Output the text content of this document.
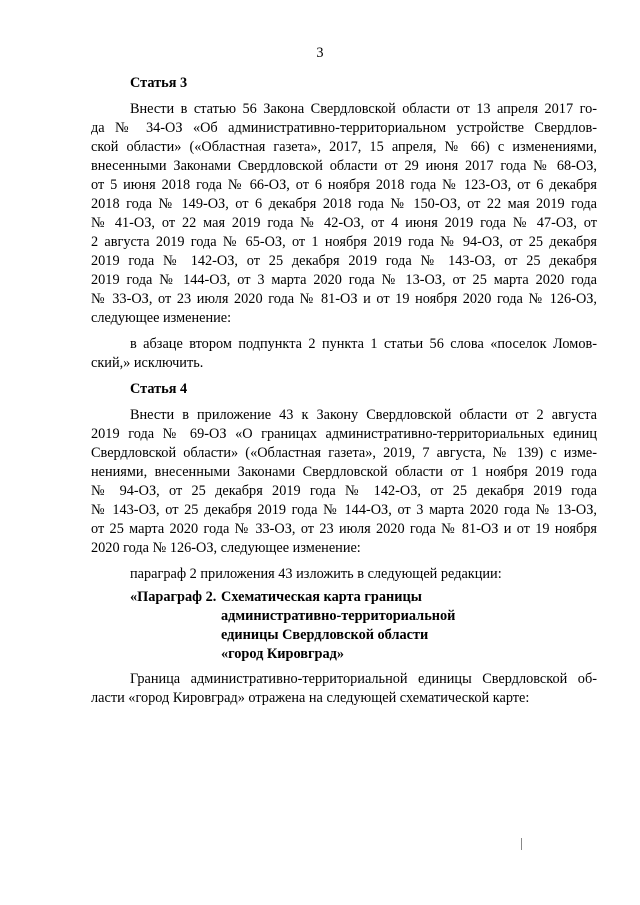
3
Статья 3
Внести в статью 56 Закона Свердловской области от 13 апреля 2017 го-
да № 34-ОЗ «Об административно-территориальном устройстве Свердлов-
ской области» («Областная газета», 2017, 15 апреля, № 66) с изменениями,
внесенными Законами Свердловской области от 29 июня 2017 года № 68-ОЗ,
от 5 июня 2018 года № 66-ОЗ, от 6 ноября 2018 года № 123-ОЗ, от 6 декабря
2018 года № 149-ОЗ, от 6 декабря 2018 года № 150-ОЗ, от 22 мая 2019 года
№ 41-ОЗ, от 22 мая 2019 года № 42-ОЗ, от 4 июня 2019 года № 47-ОЗ, от
2 августа 2019 года № 65-ОЗ, от 1 ноября 2019 года № 94-ОЗ, от 25 декабря
2019 года № 142-ОЗ, от 25 декабря 2019 года № 143-ОЗ, от 25 декабря
2019 года № 144-ОЗ, от 3 марта 2020 года № 13-ОЗ, от 25 марта 2020 года
№ 33-ОЗ, от 23 июля 2020 года № 81-ОЗ и от 19 ноября 2020 года № 126-ОЗ,
следующее изменение:
в абзаце втором подпункта 2 пункта 1 статьи 56 слова «поселок Ломов-
ский,» исключить.
Статья 4
Внести в приложение 43 к Закону Свердловской области от 2 августа
2019 года № 69-ОЗ «О границах административно-территориальных единиц
Свердловской области» («Областная газета», 2019, 7 августа, № 139) с изме-
нениями, внесенными Законами Свердловской области от 1 ноября 2019 года
№ 94-ОЗ, от 25 декабря 2019 года № 142-ОЗ, от 25 декабря 2019 года
№ 143-ОЗ, от 25 декабря 2019 года № 144-ОЗ, от 3 марта 2020 года № 13-ОЗ,
от 25 марта 2020 года № 33-ОЗ, от 23 июля 2020 года № 81-ОЗ и от 19 ноября
2020 года № 126-ОЗ, следующее изменение:
параграф 2 приложения 43 изложить в следующей редакции:
«Параграф 2. Схематическая карта границы
административно-территориальной
единицы Свердловской области
«город Кировград»
Граница административно-территориальной единицы Свердловской об-
ласти «город Кировград» отражена на следующей схематической карте:
